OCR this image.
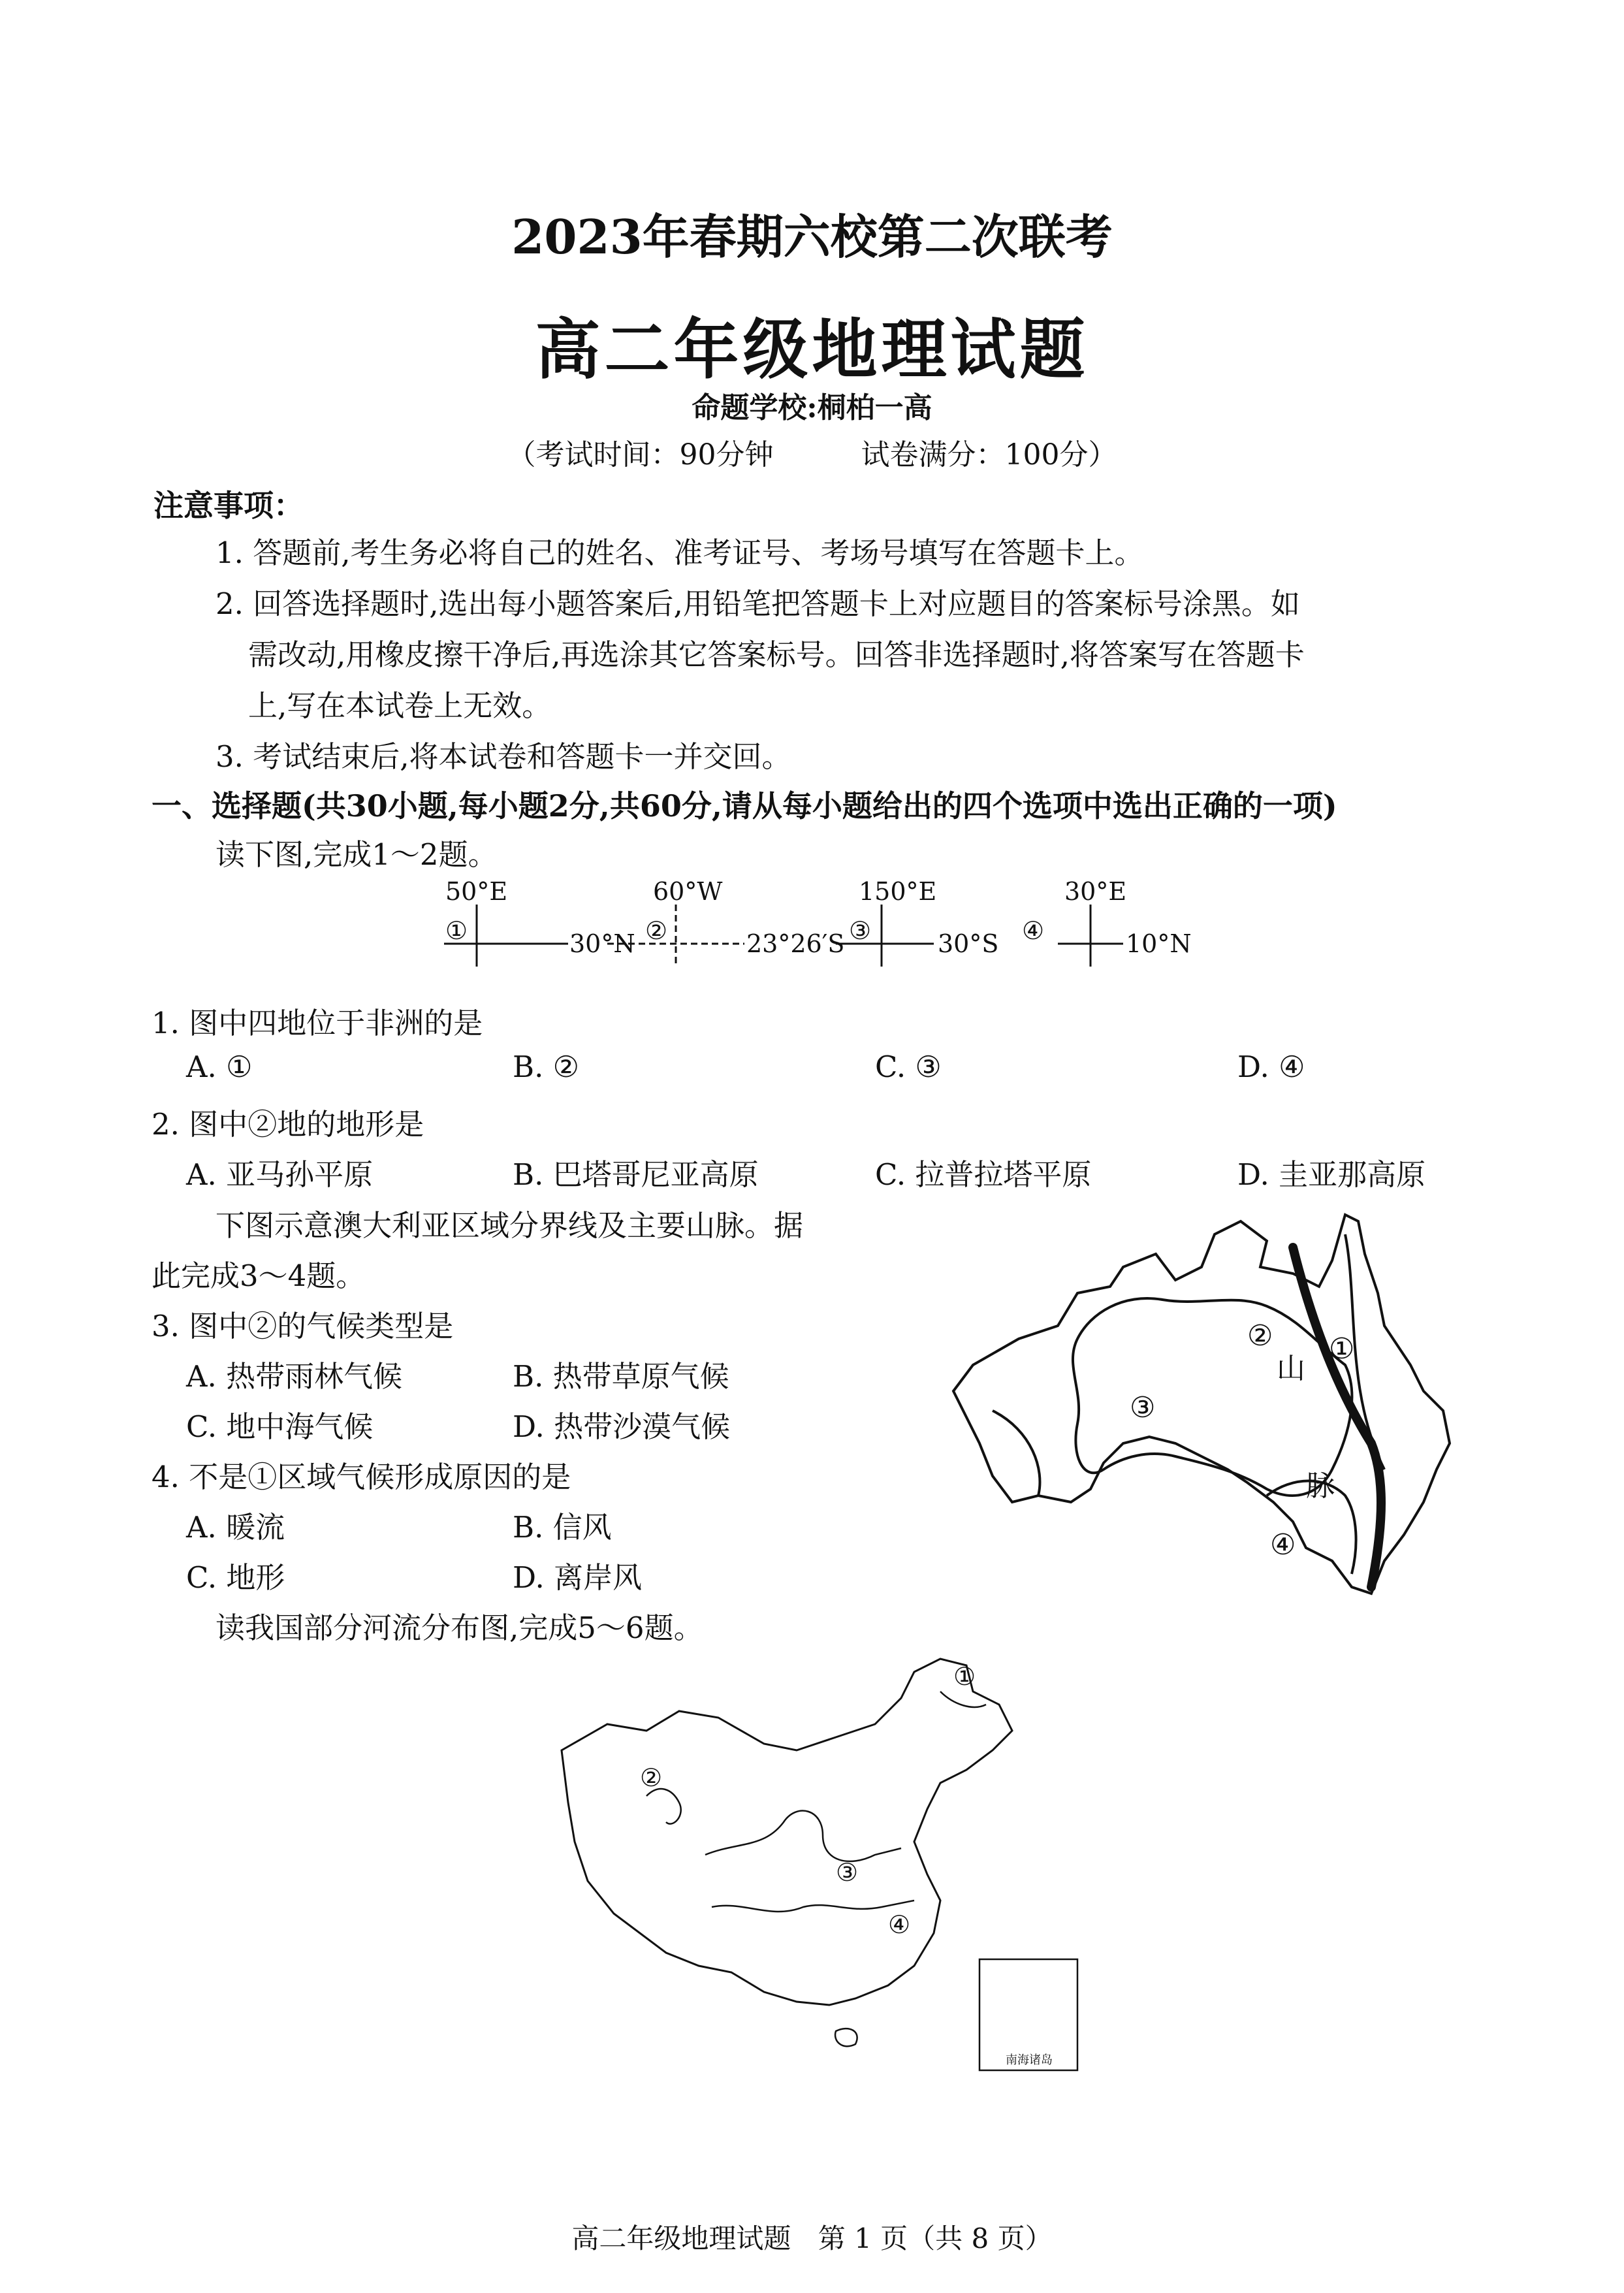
2023年春期六校第二次联考
高二年级地理试题
命题学校:桐柏一高
（考试时间：90分钟	试卷满分：100分）
注意事项：
1. 答题前,考生务必将自己的姓名、准考证号、考场号填写在答题卡上。
2. 回答选择题时,选出每小题答案后,用铅笔把答题卡上对应题目的答案标号涂黑。如
需改动,用橡皮擦干净后,再选涂其它答案标号。回答非选择题时,将答案写在答题卡
上,写在本试卷上无效。
3. 考试结束后,将本试卷和答题卡一并交回。
一、选择题(共30小题,每小题2分,共60分,请从每小题给出的四个选项中选出正确的一项)
读下图,完成1～2题。
50°E
①	30°N
60°W
②	23°26′S
150°E
③	30°S
30°E
④	10°N
1. 图中四地位于非洲的是
A. ①	B. ②	C. ③	D. ④
2. 图中②地的地形是
A. 亚马孙平原	B. 巴塔哥尼亚高原	C. 拉普拉塔平原	D. 圭亚那高原
下图示意澳大利亚区域分界线及主要山脉。据
此完成3～4题。
3. 图中②的气候类型是
A. 热带雨林气候	B. 热带草原气候
C. 地中海气候	D. 热带沙漠气候
4. 不是①区域气候形成原因的是
A. 暖流	B. 信风
C. 地形	D. 离岸风
② ①
③
④
山
脉
读我国部分河流分布图,完成5～6题。
①
②
③
④
南海诸岛
高二年级地理试题 第 1 页（共 8 页）
